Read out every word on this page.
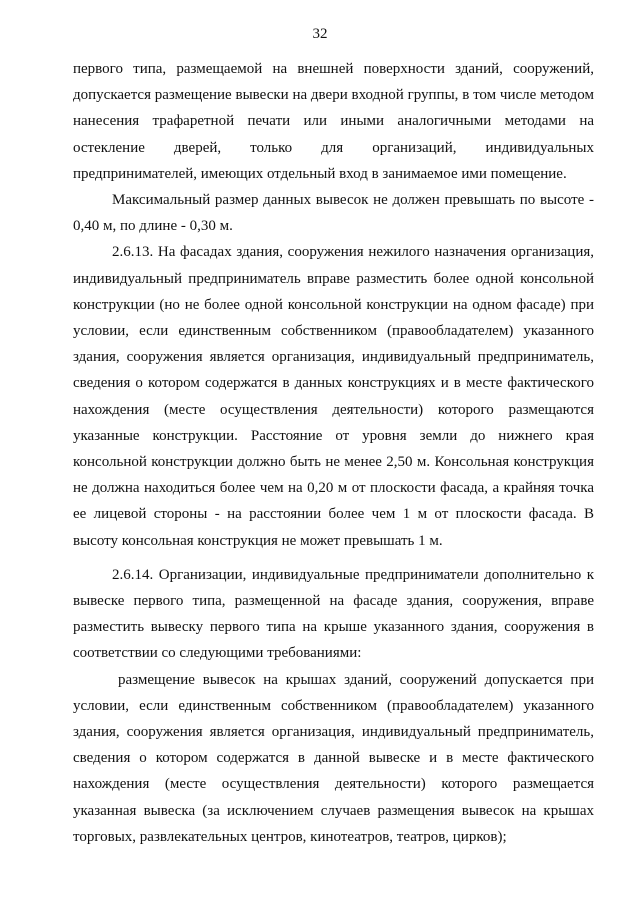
32

первого типа, размещаемой на внешней поверхности зданий, сооружений, допускается размещение вывески на двери входной группы, в том числе методом нанесения трафаретной печати или иными аналогичными методами на остекление дверей, только для организаций, индивидуальных предпринимателей, имеющих отдельный вход в занимаемое ими помещение.

Максимальный размер данных вывесок не должен превышать по высоте - 0,40 м, по длине - 0,30 м.

2.6.13. На фасадах здания, сооружения нежилого назначения организация, индивидуальный предприниматель вправе разместить более одной консольной конструкции (но не более одной консольной конструкции на одном фасаде) при условии, если единственным собственником (правообладателем) указанного здания, сооружения является организация, индивидуальный предприниматель, сведения о котором содержатся в данных конструкциях и в месте фактического нахождения (месте осуществления деятельности) которого размещаются указанные конструкции. Расстояние от уровня земли до нижнего края консольной конструкции должно быть не менее 2,50 м. Консольная конструкция не должна находиться более чем на 0,20 м от плоскости фасада, а крайняя точка ее лицевой стороны - на расстоянии более чем 1 м от плоскости фасада. В высоту консольная конструкция не может превышать 1 м.

2.6.14. Организации, индивидуальные предприниматели дополнительно к вывеске первого типа, размещенной на фасаде здания, сооружения, вправе разместить вывеску первого типа на крыше указанного здания, сооружения в соответствии со следующими требованиями:

размещение вывесок на крышах зданий, сооружений допускается при условии, если единственным собственником (правообладателем) указанного здания, сооружения является организация, индивидуальный предприниматель, сведения о котором содержатся в данной вывеске и в месте фактического нахождения (месте осуществления деятельности) которого размещается указанная вывеска (за исключением случаев размещения вывесок на крышах торговых, развлекательных центров, кинотеатров, театров, цирков);
